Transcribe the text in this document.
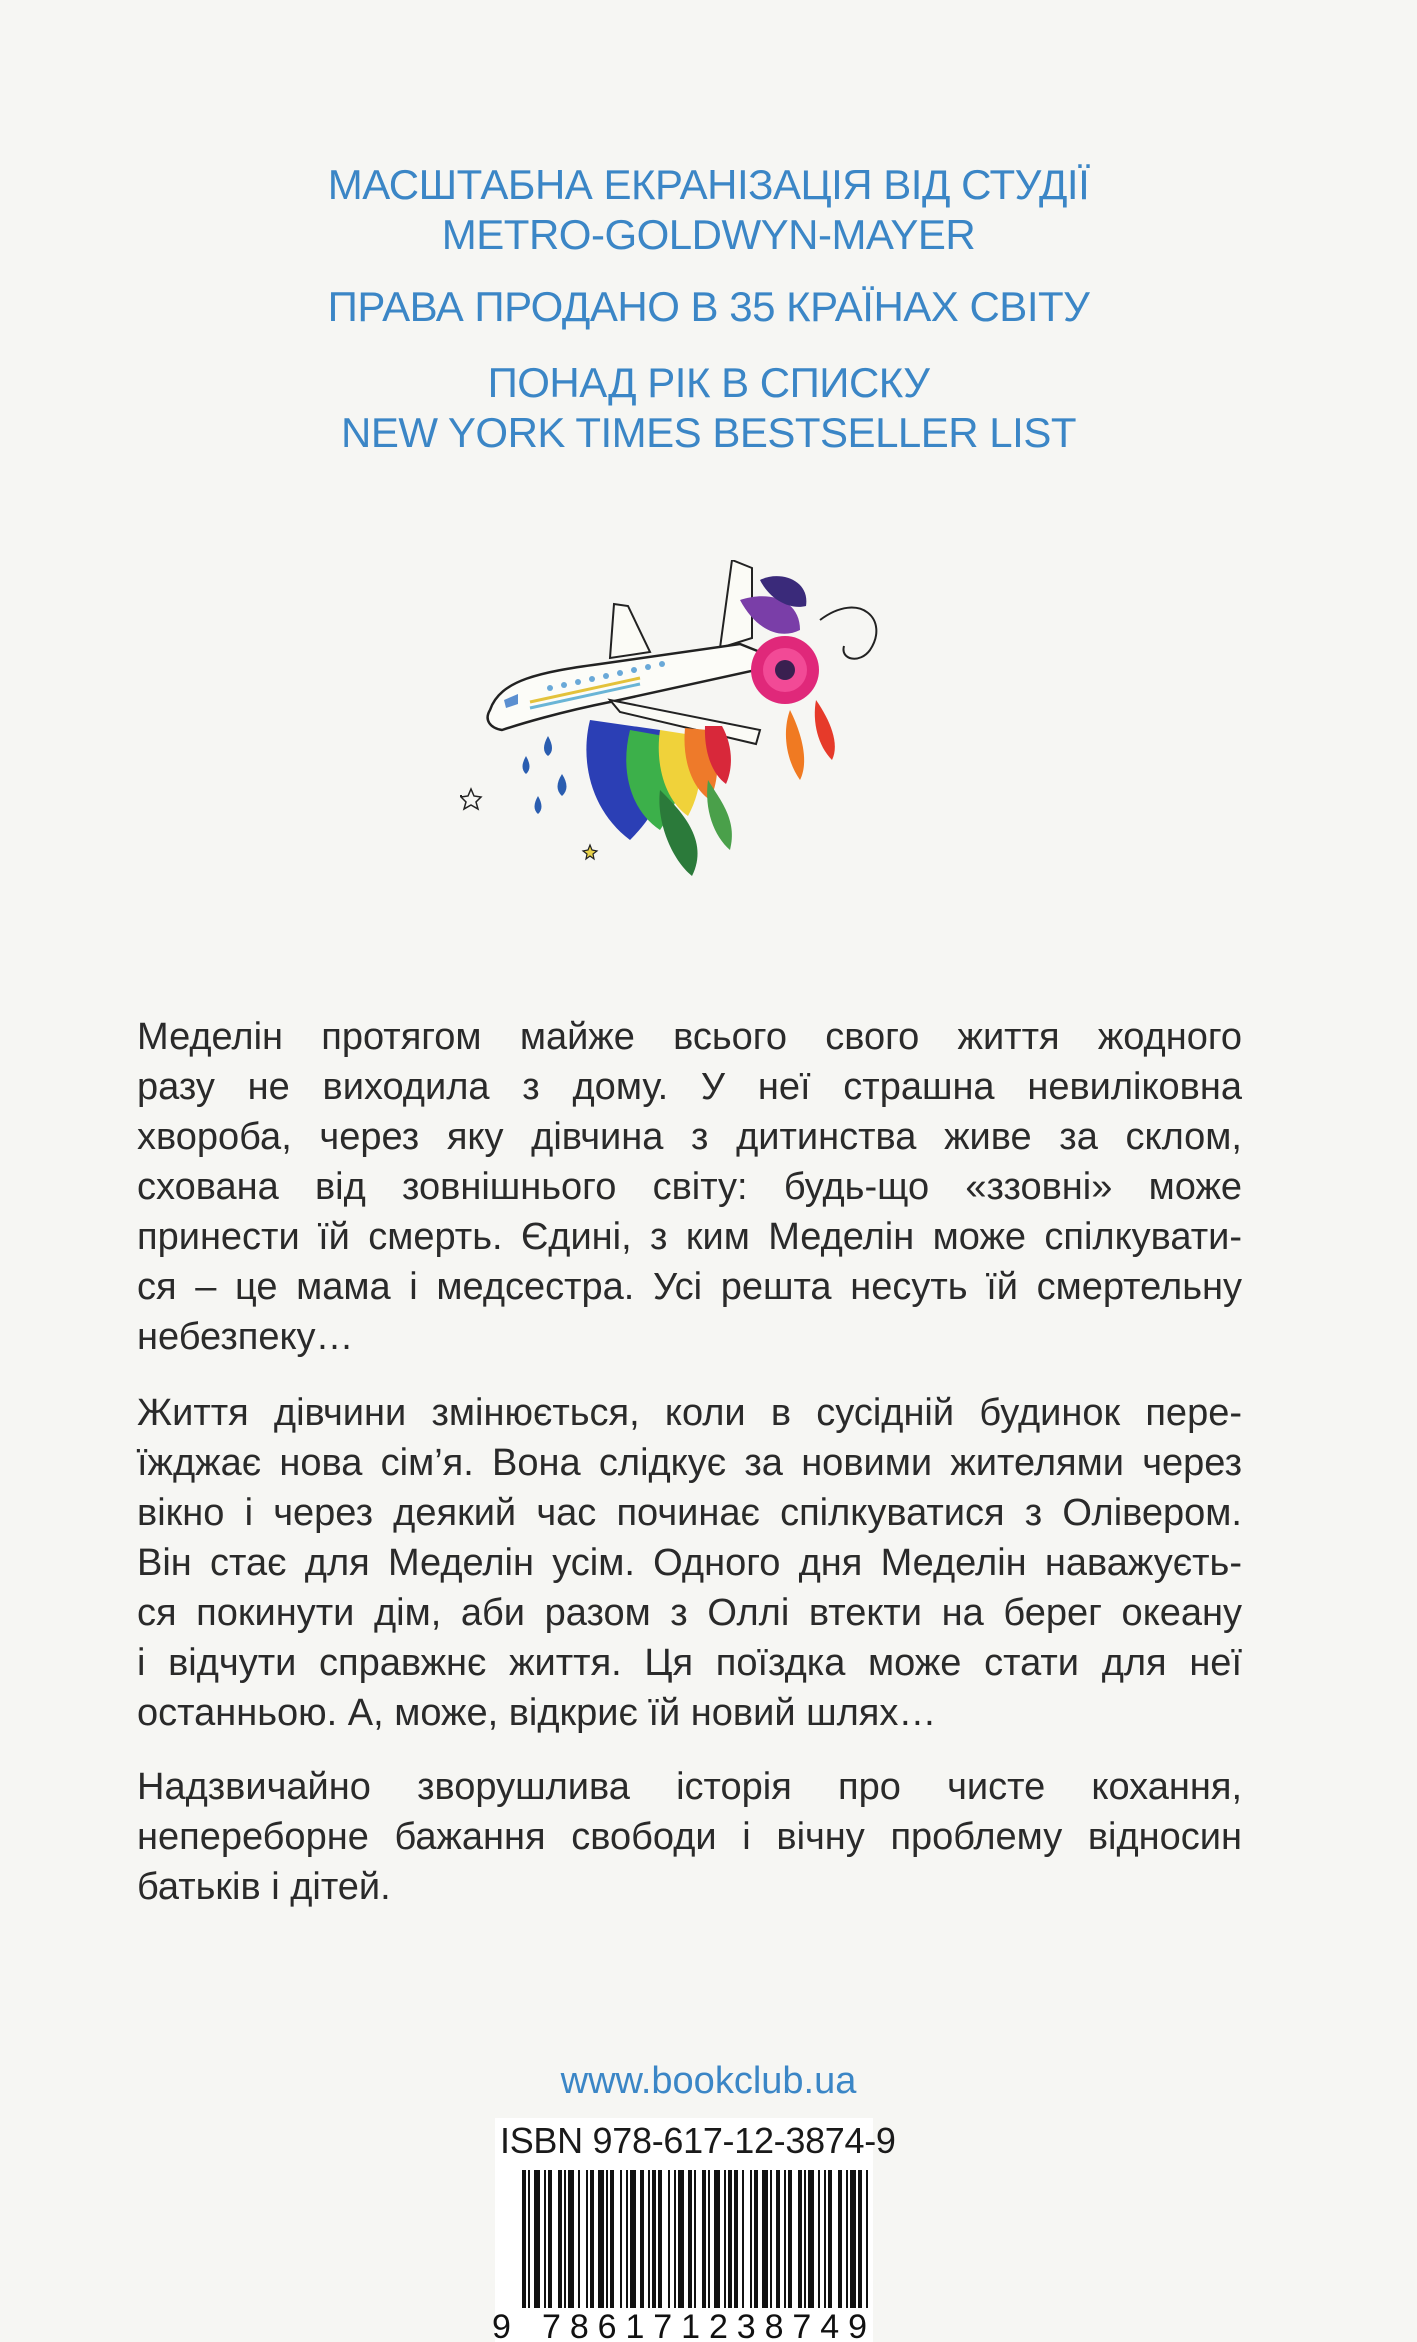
МАСШТАБНА ЕКРАНІЗАЦІЯ ВІД СТУДІЇ
METRO-GOLDWYN-MAYER
ПРАВА ПРОДАНО В 35 КРАЇНАХ СВІТУ
ПОНАД РІК В СПИСКУ
NEW YORK TIMES BESTSELLER LIST
Меделін протягом майже всього свого життя жодного
разу не виходила з дому. У неї страшна невиліковна
хвороба, через яку дівчина з дитинства живе за склом,
схована від зовнішнього світу: будь-що «ззовні» може
принести їй смерть. Єдині, з ким Меделін може спілкувати-
ся – це мама і медсестра. Усі решта несуть їй смертельну
небезпеку…
Життя дівчини змінюється, коли в сусідній будинок пере-
їжджає нова сім’я. Вона слідкує за новими жителями через
вікно і через деякий час починає спілкуватися з Олівером.
Він стає для Меделін усім. Одного дня Меделін наважуєть-
ся покинути дім, аби разом з Оллі втекти на берег океану
і відчути справжнє життя. Ця поїздка може стати для неї
останньою. А, може, відкриє їй новий шлях…
Надзвичайно зворушлива історія про чисте кохання,
непереборне бажання свободи і вічну проблему відносин
батьків і дітей.
www.bookclub.ua
ISBN 978-617-12-3874-9
9 786171238749
